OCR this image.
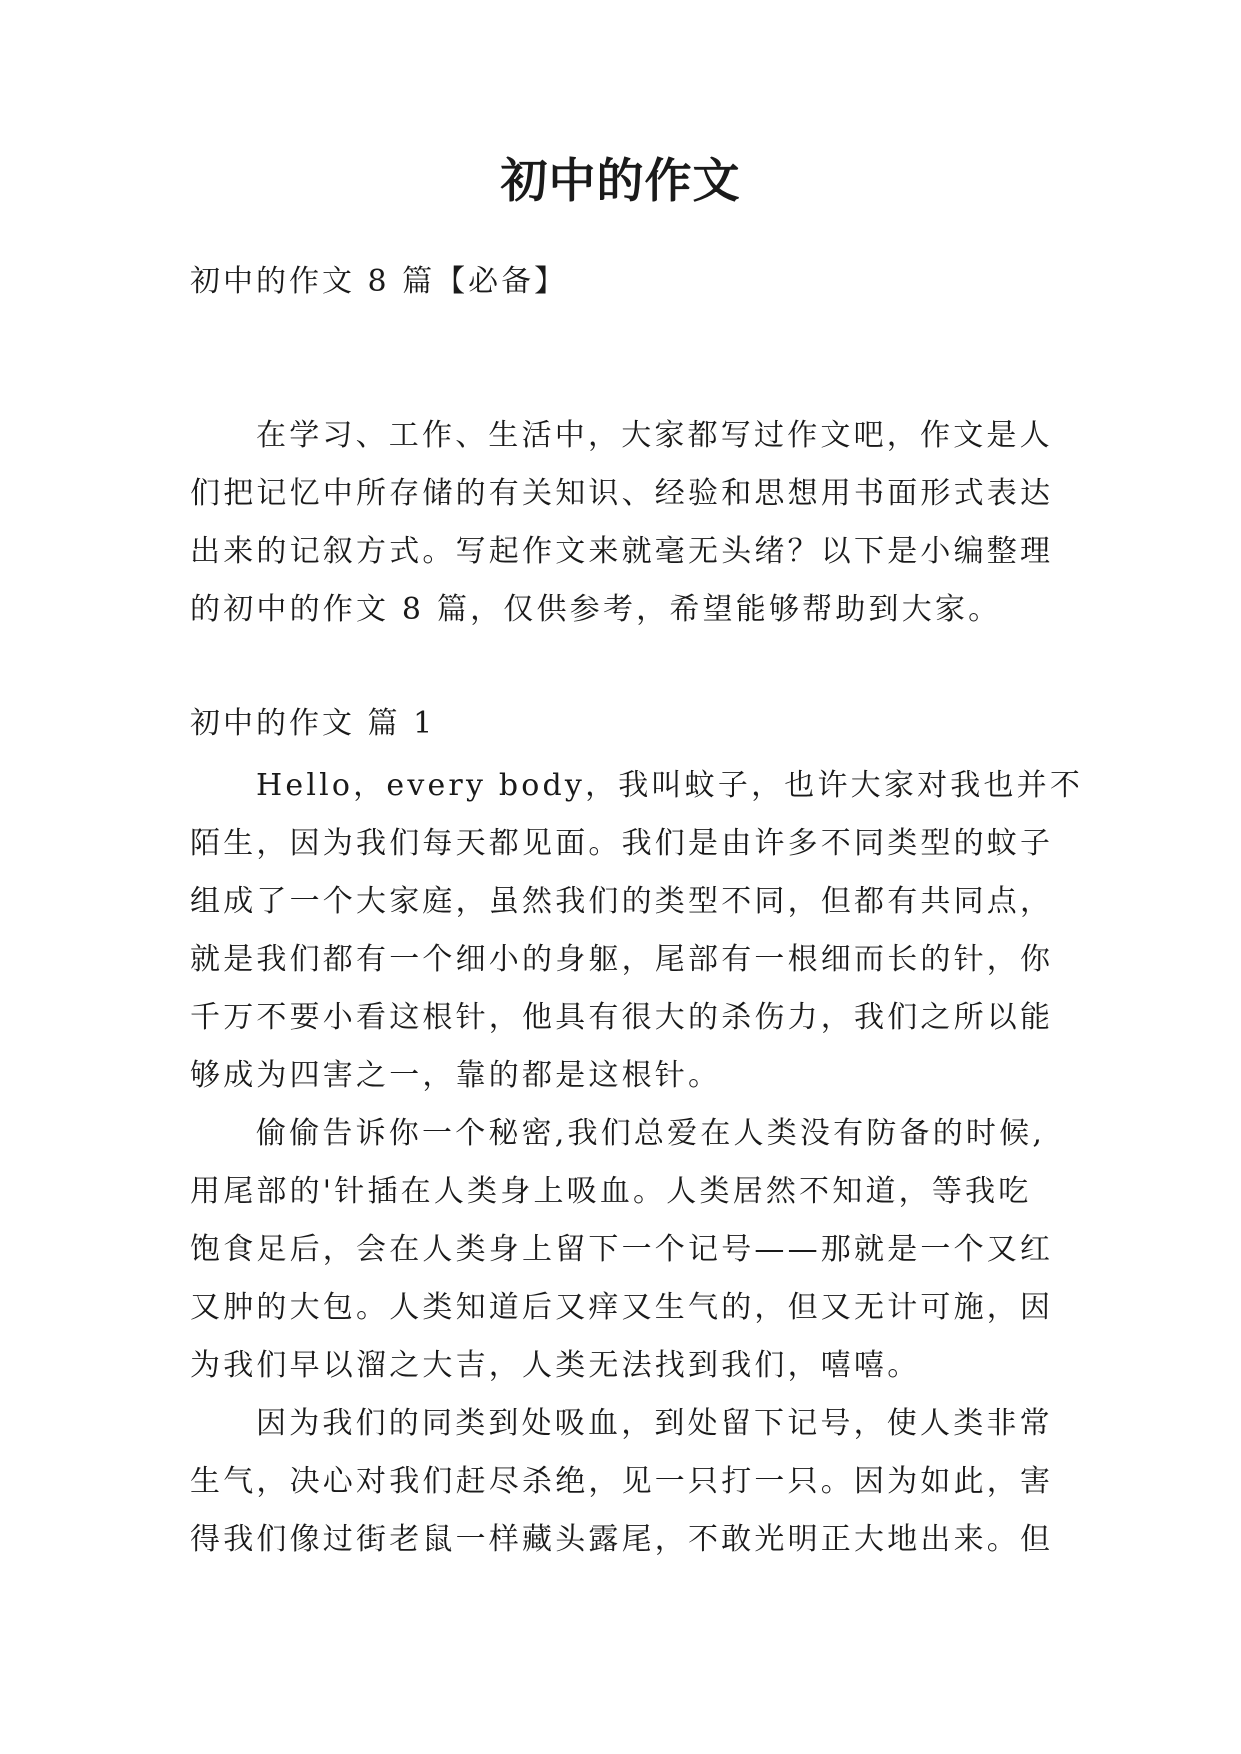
初中的作文
初中的作文 8 篇【必备】
在学习、工作、生活中，大家都写过作文吧，作文是人
们把记忆中所存储的有关知识、经验和思想用书面形式表达
出来的记叙方式。写起作文来就毫无头绪？以下是小编整理
的初中的作文 8 篇，仅供参考，希望能够帮助到大家。
初中的作文 篇 1
Hello，every body，我叫蚊子，也许大家对我也并不
陌生，因为我们每天都见面。我们是由许多不同类型的蚊子
组成了一个大家庭，虽然我们的类型不同，但都有共同点，
就是我们都有一个细小的身躯，尾部有一根细而长的针，你
千万不要小看这根针，他具有很大的杀伤力，我们之所以能
够成为四害之一，靠的都是这根针。
偷偷告诉你一个秘密,我们总爱在人类没有防备的时候,
用尾部的'针插在人类身上吸血。人类居然不知道，等我吃
饱食足后，会在人类身上留下一个记号——那就是一个又红
又肿的大包。人类知道后又痒又生气的，但又无计可施，因
为我们早以溜之大吉，人类无法找到我们，嘻嘻。
因为我们的同类到处吸血，到处留下记号，使人类非常
生气，决心对我们赶尽杀绝，见一只打一只。因为如此，害
得我们像过街老鼠一样藏头露尾，不敢光明正大地出来。但
